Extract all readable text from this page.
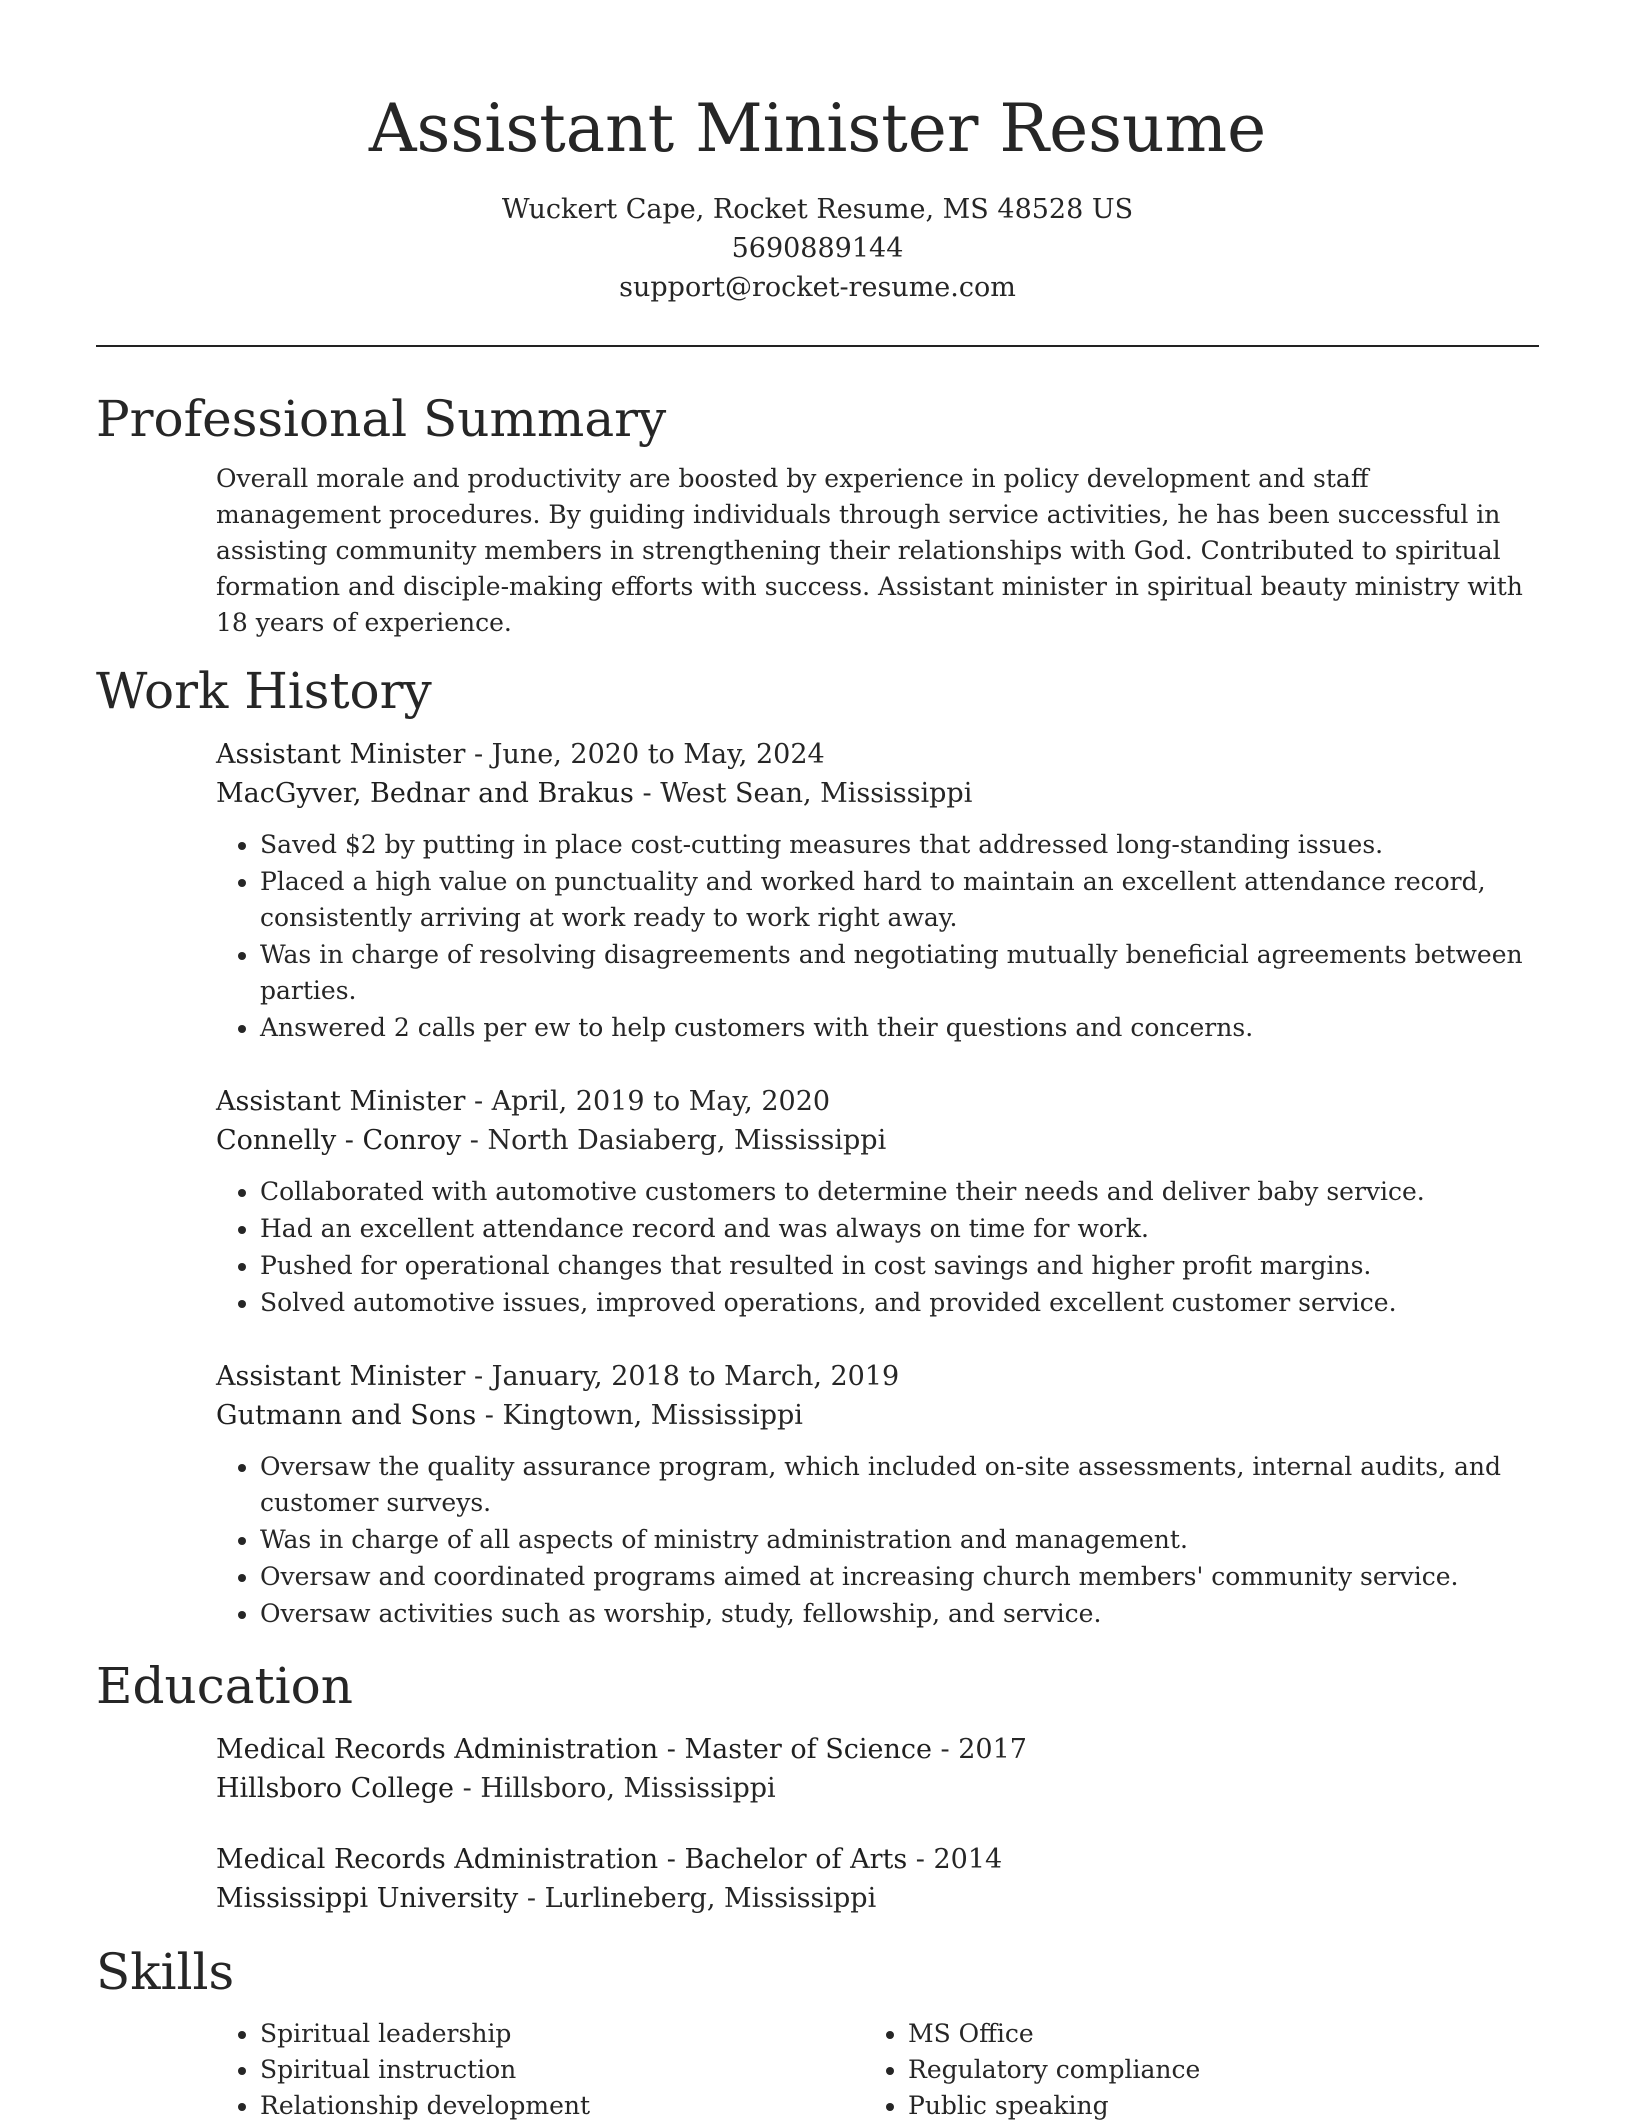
Assistant Minister Resume

Wuckert Cape, Rocket Resume, MS 48528 US

5690889144

support@rocket-resume.com

Professional Summary

Overall morale and productivity are boosted by experience in policy development and staff management procedures. By guiding individuals through service activities, he has been successful in assisting community members in strengthening their relationships with God. Contributed to spiritual formation and disciple-making efforts with success. Assistant minister in spiritual beauty ministry with 18 years of experience.

Work History

Assistant Minister - June, 2020 to May, 2024

MacGyver, Bednar and Brakus - West Sean, Mississippi

• Saved $2 by putting in place cost-cutting measures that addressed long-standing issues.
• Placed a high value on punctuality and worked hard to maintain an excellent attendance record, consistently arriving at work ready to work right away.
• Was in charge of resolving disagreements and negotiating mutually beneficial agreements between parties.
• Answered 2 calls per ew to help customers with their questions and concerns.

Assistant Minister - April, 2019 to May, 2020

Connelly - Conroy - North Dasiaberg, Mississippi

• Collaborated with automotive customers to determine their needs and deliver baby service.
• Had an excellent attendance record and was always on time for work.
• Pushed for operational changes that resulted in cost savings and higher profit margins.
• Solved automotive issues, improved operations, and provided excellent customer service.

Assistant Minister - January, 2018 to March, 2019

Gutmann and Sons - Kingtown, Mississippi

• Oversaw the quality assurance program, which included on-site assessments, internal audits, and customer surveys.
• Was in charge of all aspects of ministry administration and management.
• Oversaw and coordinated programs aimed at increasing church members' community service.
• Oversaw activities such as worship, study, fellowship, and service.
Education

Medical Records Administration - Master of Science - 2017

Hillsboro College - Hillsboro, Mississippi

Medical Records Administration - Bachelor of Arts - 2014

Mississippi University - Lurlineberg, Mississippi

Skills
• Spiritual leadership
• Spiritual instruction
• Relationship development
• MS Office
• Regulatory compliance
• Public speaking
